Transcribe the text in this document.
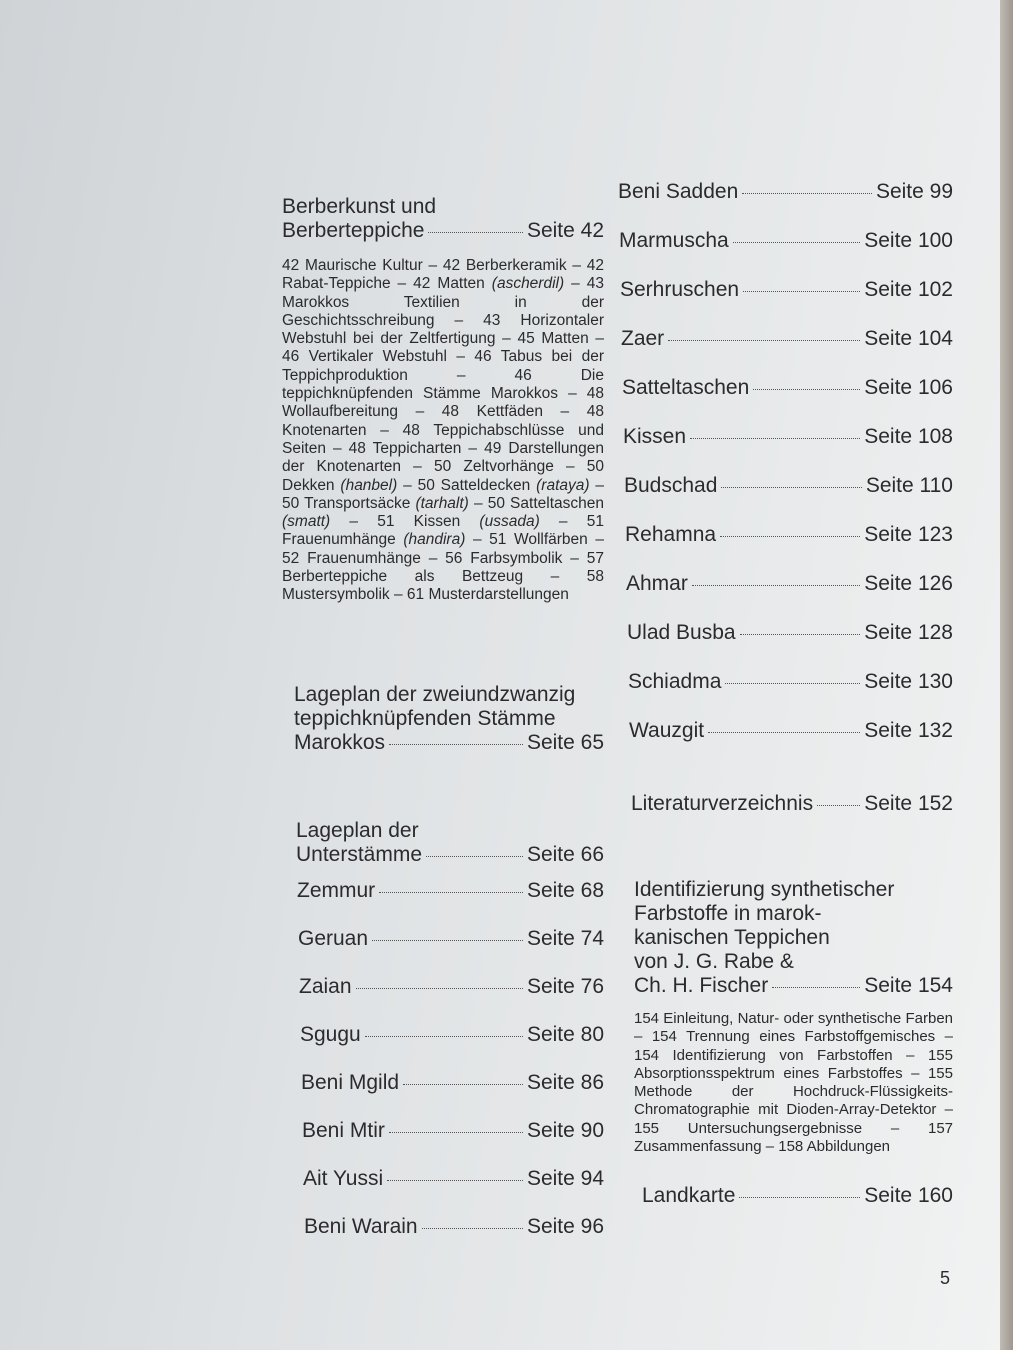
Berberkunst und

Berberteppiche	Seite 42

42 Maurische Kultur – 42 Berberkeramik – 42 Rabat-Teppiche – 42 Matten (ascherdil) – 43 Marokkos Textilien in der Geschichtsschreibung – 43 Horizontaler Webstuhl bei der Zeltfertigung – 45 Matten – 46 Vertikaler Webstuhl – 46 Tabus bei der Teppichproduktion – 46 Die teppichknüpfenden Stämme Marokkos – 48 Wollaufbereitung – 48 Kettfäden – 48 Knotenarten – 48 Teppichabschlüsse und Seiten – 48 Teppicharten – 49 Darstellungen der Knotenarten – 50 Zeltvorhänge – 50 Dekken (hanbel) – 50 Satteldecken (rataya) – 50 Transportsäcke (tarhalt) – 50 Satteltaschen (smatt) – 51 Kissen (ussada) – 51 Frauenumhänge (handira) – 51 Wollfärben – 52 Frauenumhänge – 56 Farbsymbolik – 57 Berberteppiche als Bettzeug – 58 Mustersymbolik – 61 Musterdarstellungen

Lageplan der zweiundzwanzig

teppichknüpfenden Stämme

Marokkos	Seite 65

Lageplan der

Unterstämme	Seite 66
Zemmur	Seite 68
Geruan	Seite 74
Zaian	Seite 76
Sgugu	Seite 80
Beni Mgild	Seite 86
Beni Mtir	Seite 90
Ait Yussi	Seite 94
Beni Warain	Seite 96
Beni Sadden	Seite 99
Marmuscha	Seite 100
Serhruschen	Seite 102
Zaer	Seite 104
Satteltaschen	Seite 106
Kissen	Seite 108
Budschad	Seite 110
Rehamna	Seite 123
Ahmar	Seite 126
Ulad Busba	Seite 128
Schiadma	Seite 130
Wauzgit	Seite 132
Literaturverzeichnis Seite 152

Identifizierung synthetischer

Farbstoffe in marok-

kanischen Teppichen

von J. G. Rabe &

Ch. H. Fischer	Seite 154

154 Einleitung, Natur- oder synthetische Farben – 154 Trennung eines Farbstoffgemisches – 154 Identifizierung von Farbstoffen – 155 Absorptionsspektrum eines Farbstoffes – 155 Methode der Hochdruck-Flüssigkeits-Chromatographie mit Dioden-Array-Detektor – 155 Untersuchungsergebnisse – 157 Zusammenfassung – 158 Abbildungen

Landkarte	Seite 160
5
